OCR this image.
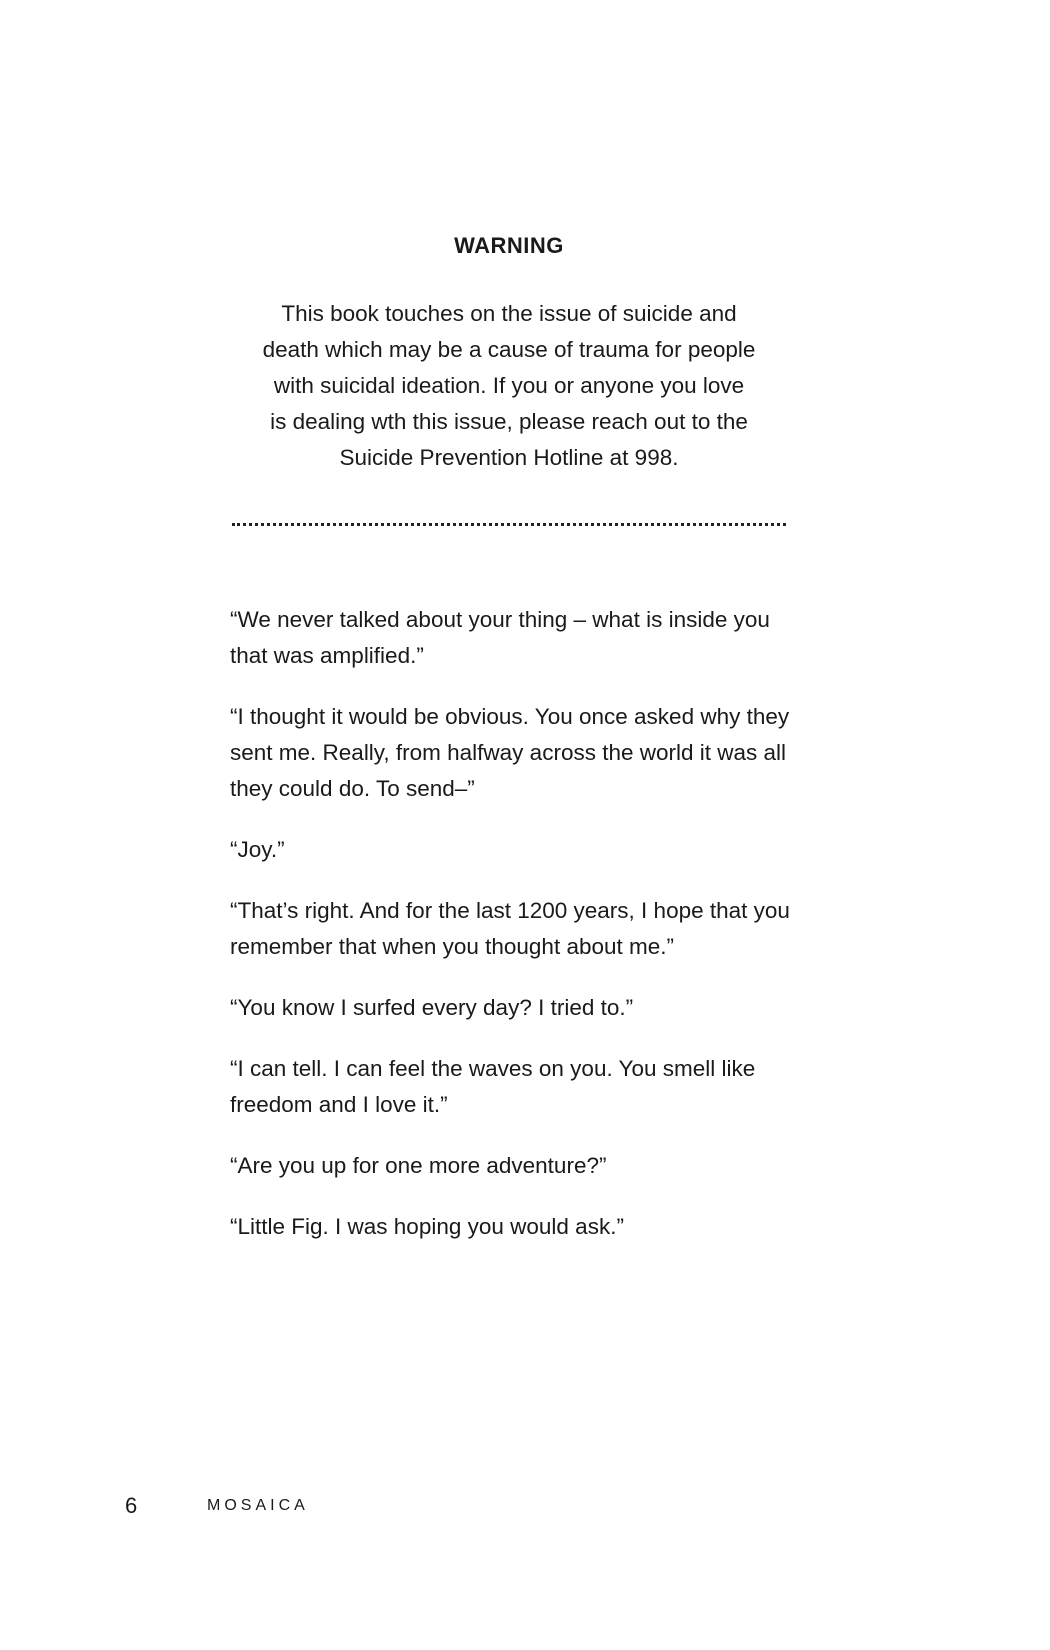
WARNING

This book touches on the issue of suicide and
death which may be a cause of trauma for people
with suicidal ideation. If you or anyone you love
is dealing wth this issue, please reach out to the
Suicide Prevention Hotline at 998.

“We never talked about your thing – what is inside you that was amplified.”

“I thought it would be obvious. You once asked why they sent me. Really, from halfway across the world it was all they could do. To send–”

“Joy.”

“That’s right. And for the last 1200 years, I hope that you remember that when you thought about me.”

“You know I surfed every day? I tried to.”

“I can tell. I can feel the waves on you. You smell like freedom and I love it.”

“Are you up for one more adventure?”

“Little Fig. I was hoping you would ask.”

6	MOSAICA
